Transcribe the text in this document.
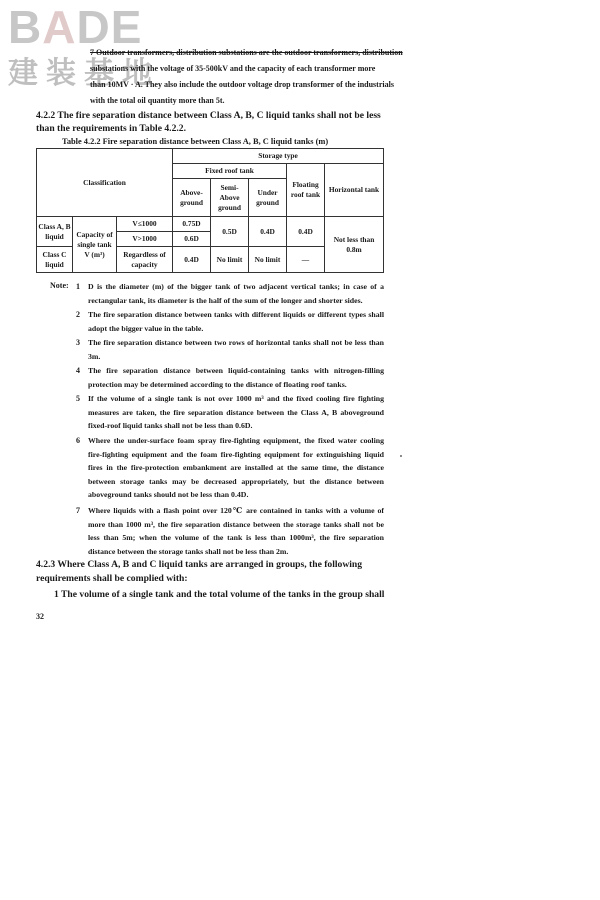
BADE
建装基地
7 Outdoor transformers, distribution substations are the outdoor transformers, distribution
substations with the voltage of 35-500kV and the capacity of each transformer more
than 10MV · A. They also include the outdoor voltage drop transformer of the industrials
with the total oil quantity more than 5t.
4.2.2 The fire separation distance between Class A, B, C liquid tanks shall not be less
than the requirements in Table 4.2.2.
Table 4.2.2 Fire separation distance between Class A, B, C liquid tanks (m)
Classification			Storage type				
			Fixed roof tank			Floating roof tank	Horizontal tank
			Above-ground	Semi-Above ground	Under ground		
Class A, B liquid	Capacity of single tank V (m³)	V≤1000	0.75D	0.5D	0.4D	0.4D	Not less than 0.8m
		V>1000	0.6D				
Class C liquid		Regardless of capacity	0.4D	No limit	No limit	—	
Note: 1 D is the diameter (m) of the bigger tank of two adjacent vertical tanks; in case of a rectangular tank, its diameter is the half of the sum of the longer and shorter sides.
2 The fire separation distance between tanks with different liquids or different types shall adopt the bigger value in the table.
3 The fire separation distance between two rows of horizontal tanks shall not be less than 3m.
4 The fire separation distance between liquid-containing tanks with nitrogen-filling protection may be determined according to the distance of floating roof tanks.
5 If the volume of a single tank is not over 1000 m³ and the fixed cooling fire fighting measures are taken, the fire separation distance between the Class A, B aboveground fixed-roof liquid tanks shall not be less than 0.6D.
6 Where the under-surface foam spray fire-fighting equipment, the fixed water cooling fire-fighting equipment and the foam fire-fighting equipment for extinguishing liquid fires in the fire-protection embankment are installed at the same time, the distance between storage tanks may be decreased appropriately, but the distance between aboveground tanks should not be less than 0.4D.
7 Where liquids with a flash point over 120℃ are contained in tanks with a volume of more than 1000 m³, the fire separation distance between the storage tanks shall not be less than 5m; when the volume of the tank is less than 1000m³, the fire separation distance between the storage tanks shall not be less than 2m.
4.2.3 Where Class A, B and C liquid tanks are arranged in groups, the following
requirements shall be complied with:
1 The volume of a single tank and the total volume of the tanks in the group shall
32
